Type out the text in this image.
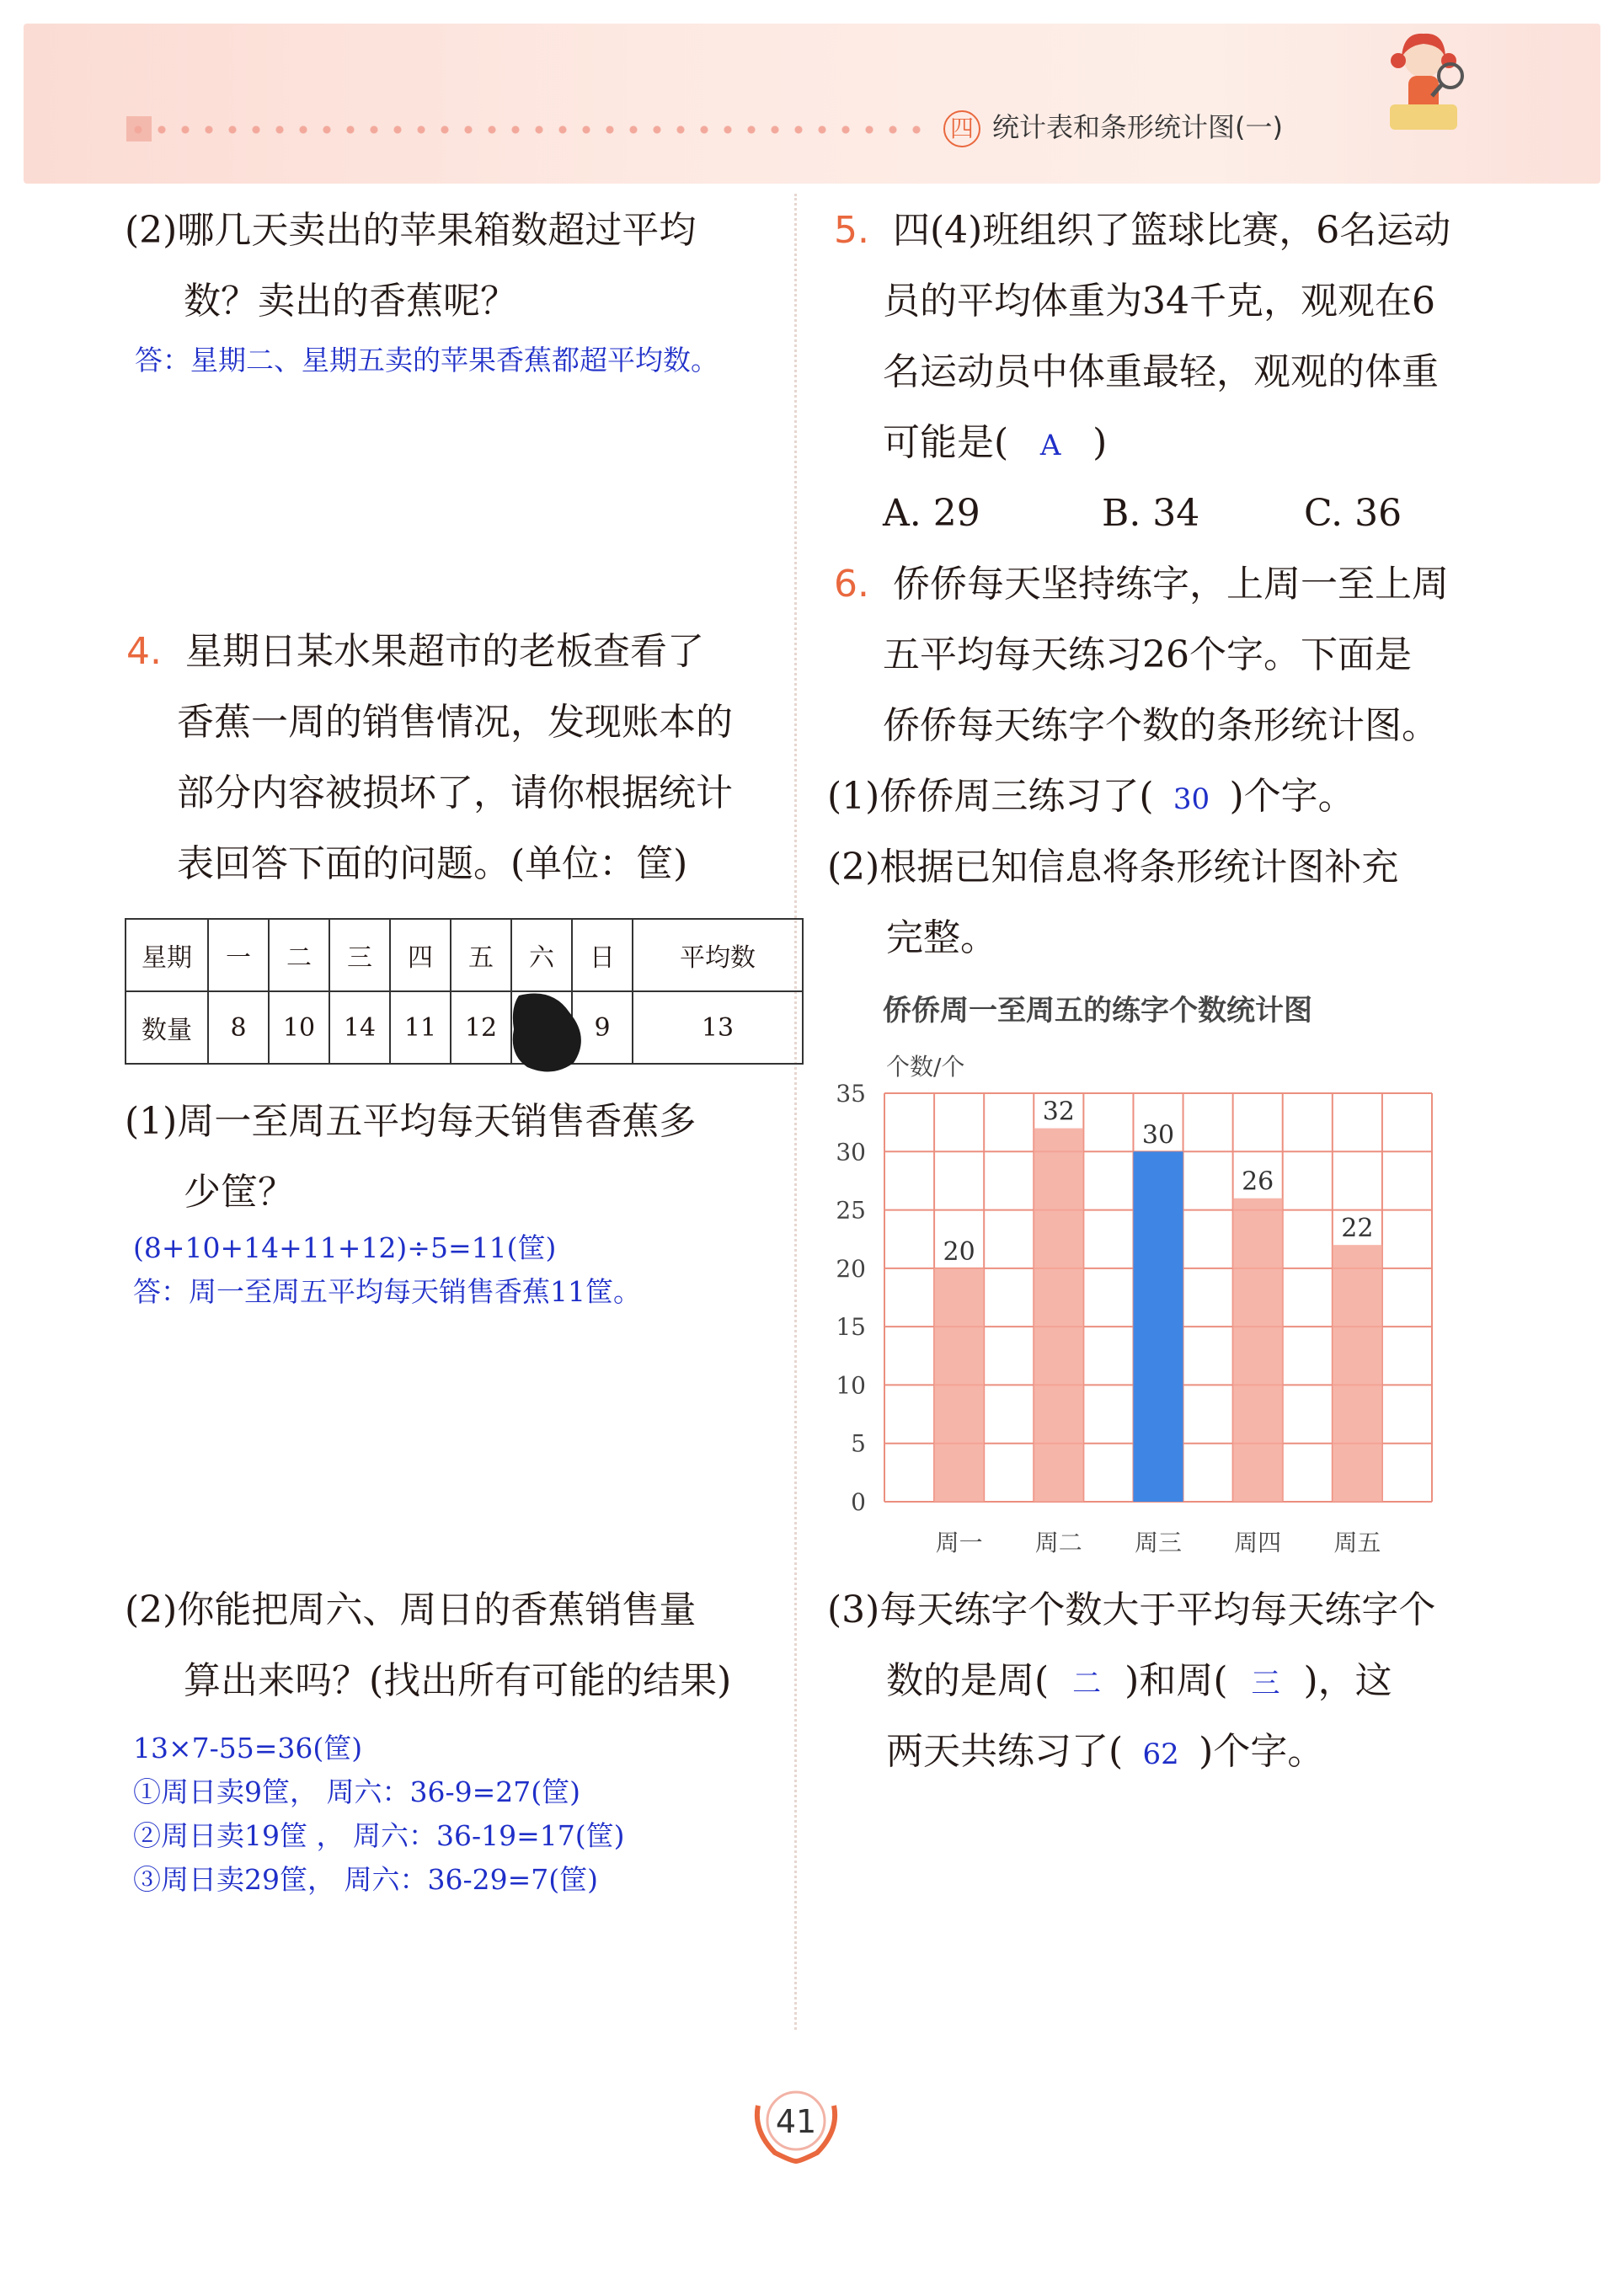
四 统计表和条形统计图(一)
(2)哪几天卖出的苹果箱数超过平均
数？卖出的香蕉呢？
答：星期二、星期五卖的苹果香蕉都超平均数。
4. 星期日某水果超市的老板查看了
香蕉一周的销售情况，发现账本的
部分内容被损坏了，请你根据统计
表回答下面的问题。(单位：筐)
星期	一	二	三	四	五	六	日	平均数
数量	8	10	14	11	12		9	13
(1)周一至周五平均每天销售香蕉多
少筐？
(8+10+14+11+12)÷5=11(筐)
答：周一至周五平均每天销售香蕉11筐。
(2)你能把周六、周日的香蕉销售量
算出来吗？(找出所有可能的结果)
13×7-55=36(筐)
①周日卖9筐， 周六：36-9=27(筐)
②周日卖19筐 ， 周六：36-19=17(筐)
③周日卖29筐， 周六：36-29=7(筐)
5. 四(4)班组织了篮球比赛，6名运动
员的平均体重为34千克，观观在6
名运动员中体重最轻，观观的体重
可能是( A )
A. 29	B. 34	C. 36
6. 侨侨每天坚持练字，上周一至上周
五平均每天练习26个字。下面是
侨侨每天练字个数的条形统计图。
(1)侨侨周三练习了( 30 )个字。
(2)根据已知信息将条形统计图补充
完整。
侨侨周一至周五的练字个数统计图
个数/个
0
5
10
15
20
25
30
35
20
周一
32
周二
30
周三
26
周四
22
周五
(3)每天练字个数大于平均每天练字个
数的是周( 二 )和周( 三 )，这
两天共练习了( 62 )个字。
41
